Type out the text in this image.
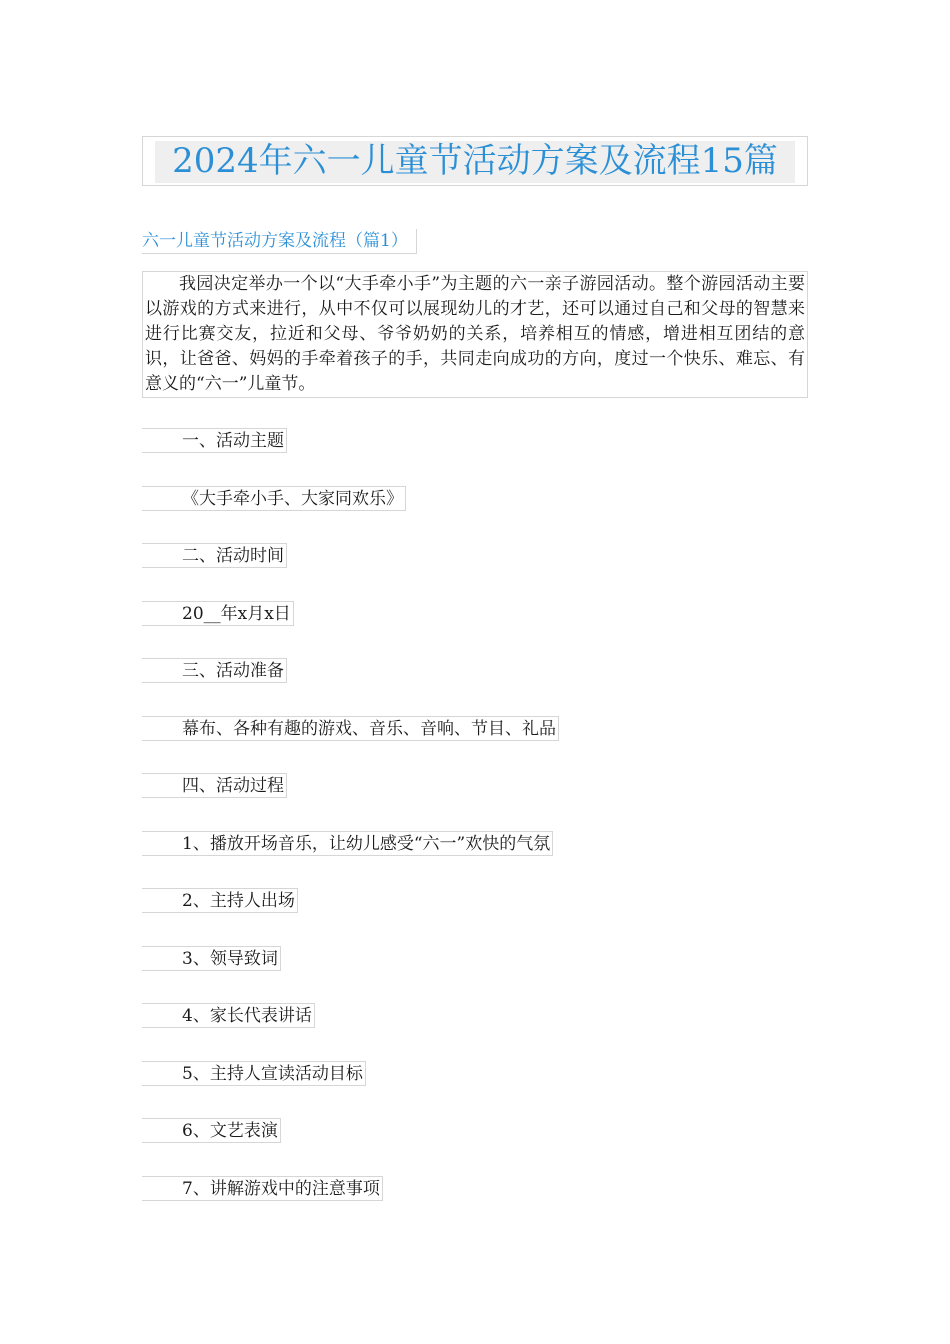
2024年六一儿童节活动方案及流程15篇
六一儿童节活动方案及流程（篇1）
我园决定举办一个以“大手牵小手”为主题的六一亲子游园活动。整个游园活动主要以游戏的方式来进行，从中不仅可以展现幼儿的才艺，还可以通过自己和父母的智慧来进行比赛交友，拉近和父母、爷爷奶奶的关系，培养相互的情感，增进相互团结的意识，让爸爸、妈妈的手牵着孩子的手，共同走向成功的方向，度过一个快乐、难忘、有意义的“六一”儿童节。
一、活动主题
《大手牵小手、大家同欢乐》
二、活动时间
20__年x月x日
三、活动准备
幕布、各种有趣的游戏、音乐、音响、节目、礼品
四、活动过程
1、播放开场音乐，让幼儿感受“六一”欢快的气氛
2、主持人出场
3、领导致词
4、家长代表讲话
5、主持人宣读活动目标
6、文艺表演
7、讲解游戏中的注意事项
